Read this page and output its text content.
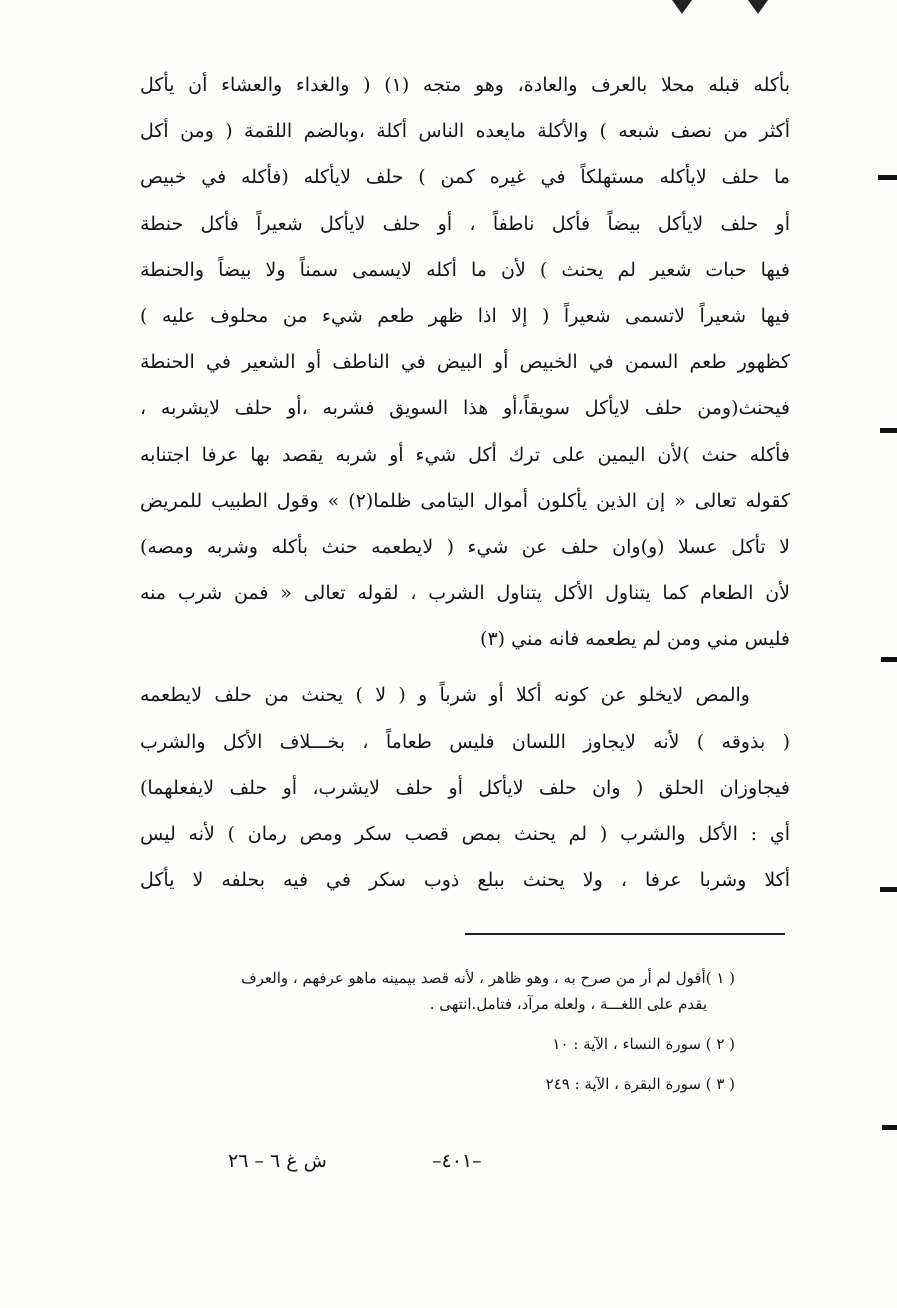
بأكله قبله محلا بالعرف والعادة، وهو متجه (١) ( والغداء والعشاء أن يأكل
أكثر من نصف شبعه ) والأكلة مايعده الناس أكلة ،وبالضم اللقمة ( ومن أكل
ما حلف لايأكله مستهلكاً في غيره كمن ) حلف لايأكله (فأكله في خبيص
أو حلف لايأكل بيضاً فأكل ناطفاً ، أو حلف لايأكل شعيراً فأكل حنطة
فيها حبات شعير لم يحنث ) لأن ما أكله لايسمى سمناً ولا بيضاً والحنطة
فيها شعيراً لاتسمى شعيراً ( إلا اذا ظهر طعم شيء من محلوف عليه )
كظهور طعم السمن في الخبيص أو البيض في الناطف أو الشعير في الحنطة
فيحنث(ومن حلف لايأكل سويقاً،أو هذا السويق فشربه ،أو حلف لايشربه ،
فأكله حنث )لأن اليمين على ترك أكل شيء أو شربه يقصد بها عرفا اجتنابه
كقوله تعالى « إن الذين يأكلون أموال اليتامى ظلما(٢) » وقول الطبيب للمريض
لا تأكل عسلا (و)وان حلف عن شيء ( لايطعمه حنث بأكله وشربه ومصه)
لأن الطعام كما يتناول الأكل يتناول الشرب ، لقوله تعالى « فمن شرب منه
فليس مني ومن لم يطعمه فانه مني (٣)
والمص لايخلو عن كونه أكلا أو شرباً و ( لا ) يحنث من حلف لايطعمه
( بذوقه ) لأنه لايجاوز اللسان فليس طعاماً ، بخـــلاف الأكل والشرب
فيجاوزان الحلق ( وان حلف لايأكل أو حلف لايشرب، أو حلف لايفعلهما)
أي : الأكل والشرب ( لم يحنث بمص قصب سكر ومص رمان ) لأنه ليس
أكلا وشربا عرفا ، ولا يحنث ببلع ذوب سكر في فيه بحلفه لا يأكل
( ١ )أقول لم أر من صرح به ، وهو ظاهر ، لأنه قصد بيمينه ماهو عرفهم ، والعرف
يقدم على اللغـــة ، ولعله مرآد، فتامل.انتهى .
( ٢ ) سورة النساء ، الآية : ١٠
( ٣ ) سورة البقرة ، الآية : ٢٤٩
–٤٠١–
ش غ ٦ – ٢٦
